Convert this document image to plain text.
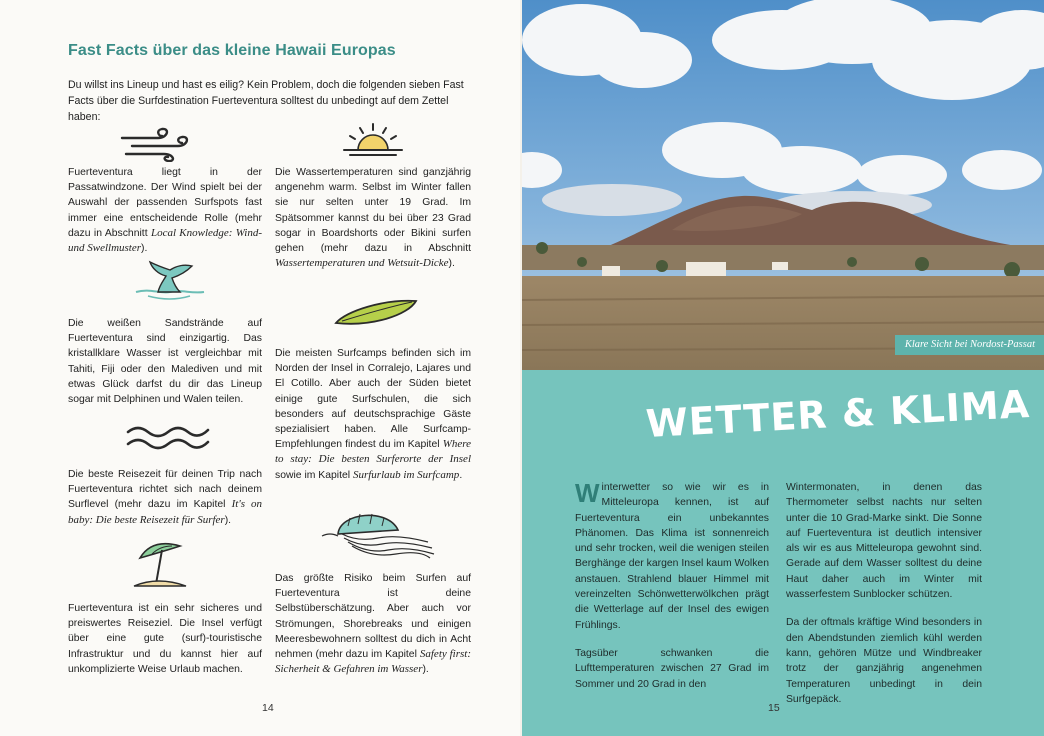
Fast Facts über das kleine Hawaii Europas
Du willst ins Lineup und hast es eilig? Kein Problem, doch die folgenden sieben Fast Facts über die Surfdestination Fuerteventura solltest du unbedingt auf dem Zettel haben:
Fuerteventura liegt in der Passatwindzone. Der Wind spielt bei der Auswahl der passenden Surfspots fast immer eine entscheidende Rolle (mehr dazu in Abschnitt Local Knowledge: Wind- und Swellmuster).
Die weißen Sandstrände auf Fuerteventura sind einzigartig. Das kristallklare Wasser ist vergleichbar mit Tahiti, Fiji oder den Malediven und mit etwas Glück darfst du dir das Lineup sogar mit Delphinen und Walen teilen.
Die beste Reisezeit für deinen Trip nach Fuerteventura richtet sich nach deinem Surflevel (mehr dazu im Kapitel It's on baby: Die beste Reisezeit für Surfer).
Fuerteventura ist ein sehr sicheres und preiswertes Reiseziel. Die Insel verfügt über eine gute (surf)-touristische Infrastruktur und du kannst hier auf unkomplizierte Weise Urlaub machen.
Die Wassertemperaturen sind ganzjährig angenehm warm. Selbst im Winter fallen sie nur selten unter 19 Grad. Im Spätsommer kannst du bei über 23 Grad sogar in Boardshorts oder Bikini surfen gehen (mehr dazu in Abschnitt Wassertemperaturen und Wetsuit-Dicke).
Die meisten Surfcamps befinden sich im Norden der Insel in Corralejo, Lajares und El Cotillo. Aber auch der Süden bietet einige gute Surfschulen, die sich besonders auf deutschsprachige Gäste spezialisiert haben. Alle Surfcamp-Empfehlungen findest du im Kapitel Where to stay: Die besten Surferorte der Insel sowie im Kapitel Surfurlaub im Surfcamp.
Das größte Risiko beim Surfen auf Fuerteventura ist deine Selbstüberschätzung. Aber auch vor Strömungen, Shorebreaks und einigen Meeresbewohnern solltest du dich in Acht nehmen (mehr dazu im Kapitel Safety first: Sicherheit & Gefahren im Wasser).
14
Klare Sicht bei Nordost-Passat
WETTER & KLIMA

Winterwetter so wie wir es in Mitteleuropa kennen, ist auf Fuerteventura ein unbekanntes Phänomen. Das Klima ist sonnenreich und sehr trocken, weil die wenigen steilen Berghänge der kargen Insel kaum Wolken anstauen. Strahlend blauer Himmel mit vereinzelten Schönwetterwölkchen prägt die Wetterlage auf der Insel des ewigen Frühlings.

Tagsüber schwanken die Lufttemperaturen zwischen 27 Grad im Sommer und 20 Grad in den

Wintermonaten, in denen das Thermometer selbst nachts nur selten unter die 10 Grad-Marke sinkt. Die Sonne auf Fuerteventura ist deutlich intensiver als wir es aus Mitteleuropa gewohnt sind. Gerade auf dem Wasser solltest du deine Haut daher auch im Winter mit wasserfestem Sunblocker schützen.

Da der oftmals kräftige Wind besonders in den Abendstunden ziemlich kühl werden kann, gehören Mütze und Windbreaker trotz der ganzjährig angenehmen Temperaturen unbedingt in dein Surfgepäck.

15
